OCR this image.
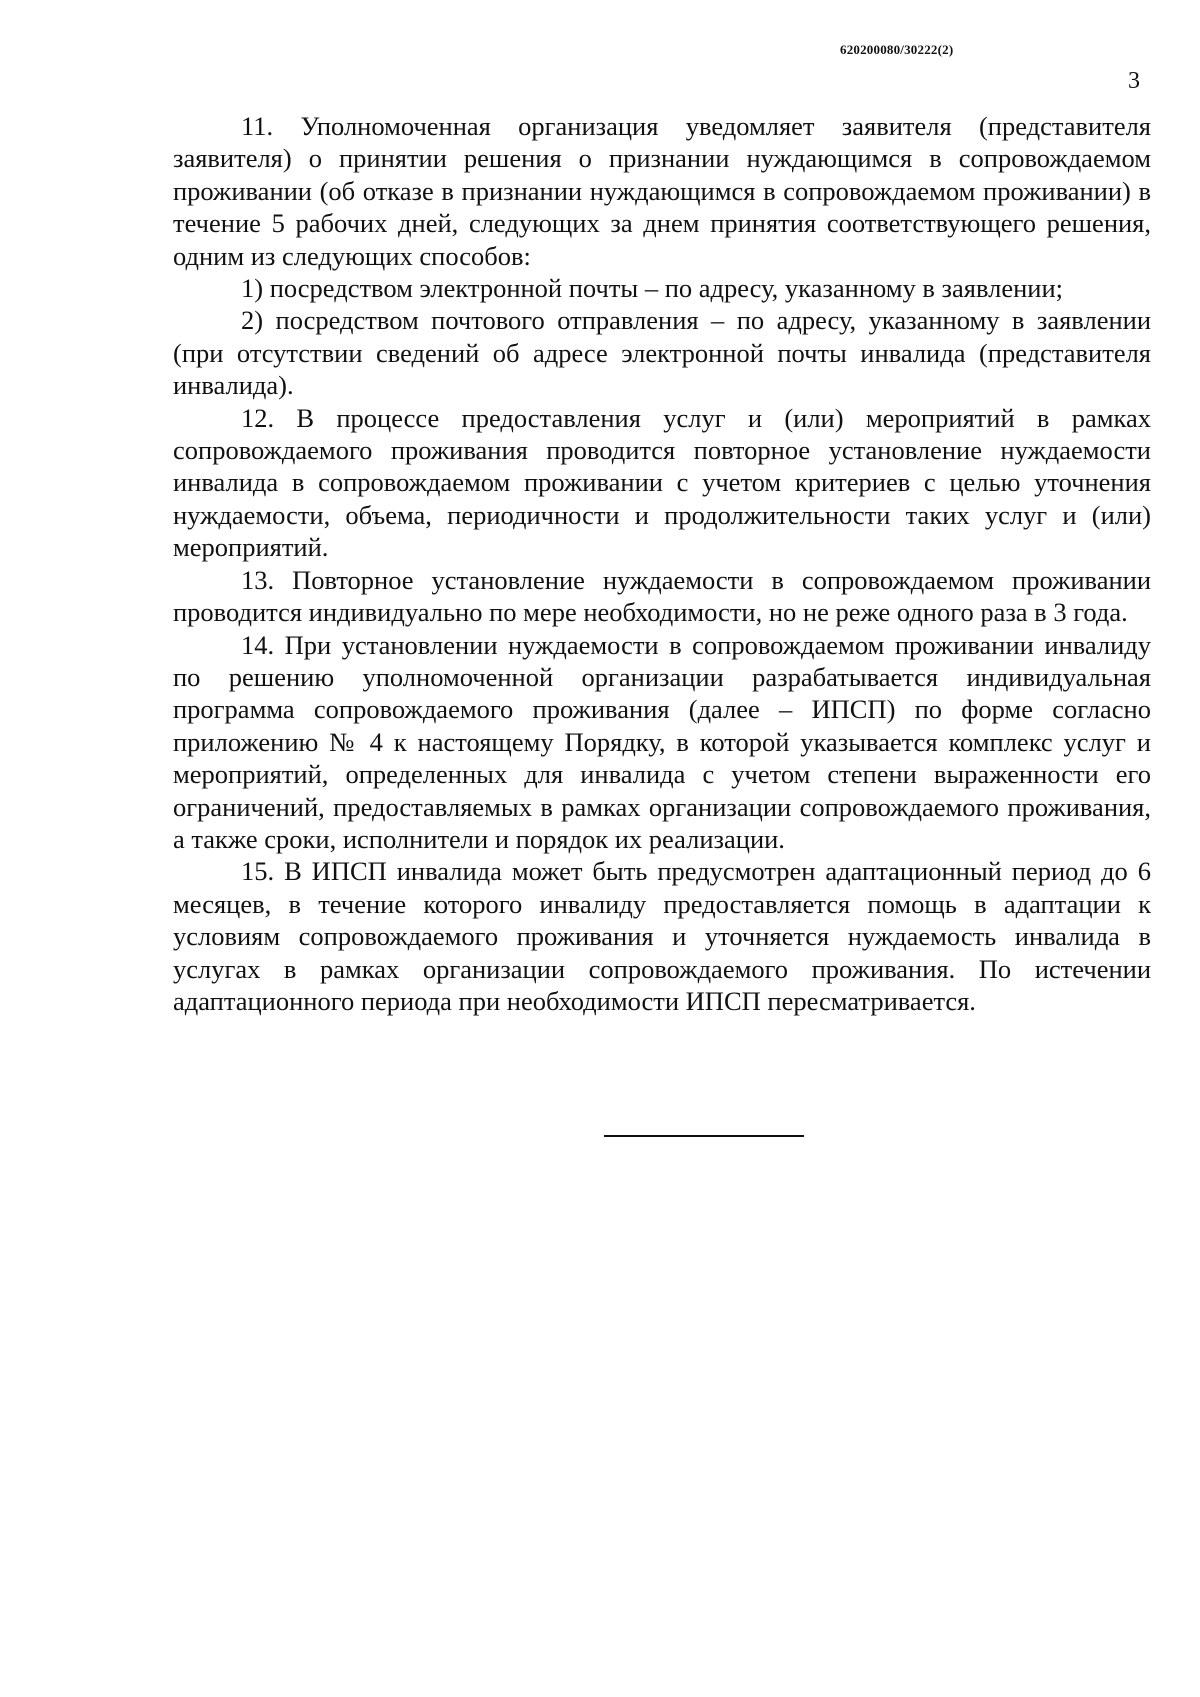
620200080/30222(2)
3

11. Уполномоченная организация уведомляет заявителя (представителя заявителя) о принятии решения о признании нуждающимся в сопровождаемом проживании (об отказе в признании нуждающимся в сопровождаемом проживании) в течение 5 рабочих дней, следующих за днем принятия соответствующего решения, одним из следующих способов:

1) посредством электронной почты – по адресу, указанному в заявлении;

2) посредством почтового отправления – по адресу, указанному в заявлении (при отсутствии сведений об адресе электронной почты инвалида (представителя инвалида).

12. В процессе предоставления услуг и (или) мероприятий в рамках сопровождаемого проживания проводится повторное установление нуждаемости инвалида в сопровождаемом проживании с учетом критериев с целью уточнения нуждаемости, объема, периодичности и продолжительности таких услуг и (или) мероприятий.

13. Повторное установление нуждаемости в сопровождаемом проживании проводится индивидуально по мере необходимости, но не реже одного раза в 3 года.

14. При установлении нуждаемости в сопровождаемом проживании инвалиду по решению уполномоченной организации разрабатывается индивидуальная программа сопровождаемого проживания (далее – ИПСП) по форме согласно приложению № 4 к настоящему Порядку, в которой указывается комплекс услуг и мероприятий, определенных для инвалида с учетом степени выраженности его ограничений, предоставляемых в рамках организации сопровождаемого проживания, а также сроки, исполнители и порядок их реализации.

15. В ИПСП инвалида может быть предусмотрен адаптационный период до 6 месяцев, в течение которого инвалиду предоставляется помощь в адаптации к условиям сопровождаемого проживания и уточняется нуждаемость инвалида в услугах в рамках организации сопровождаемого проживания. По истечении адаптационного периода при необходимости ИПСП пересматривается.
